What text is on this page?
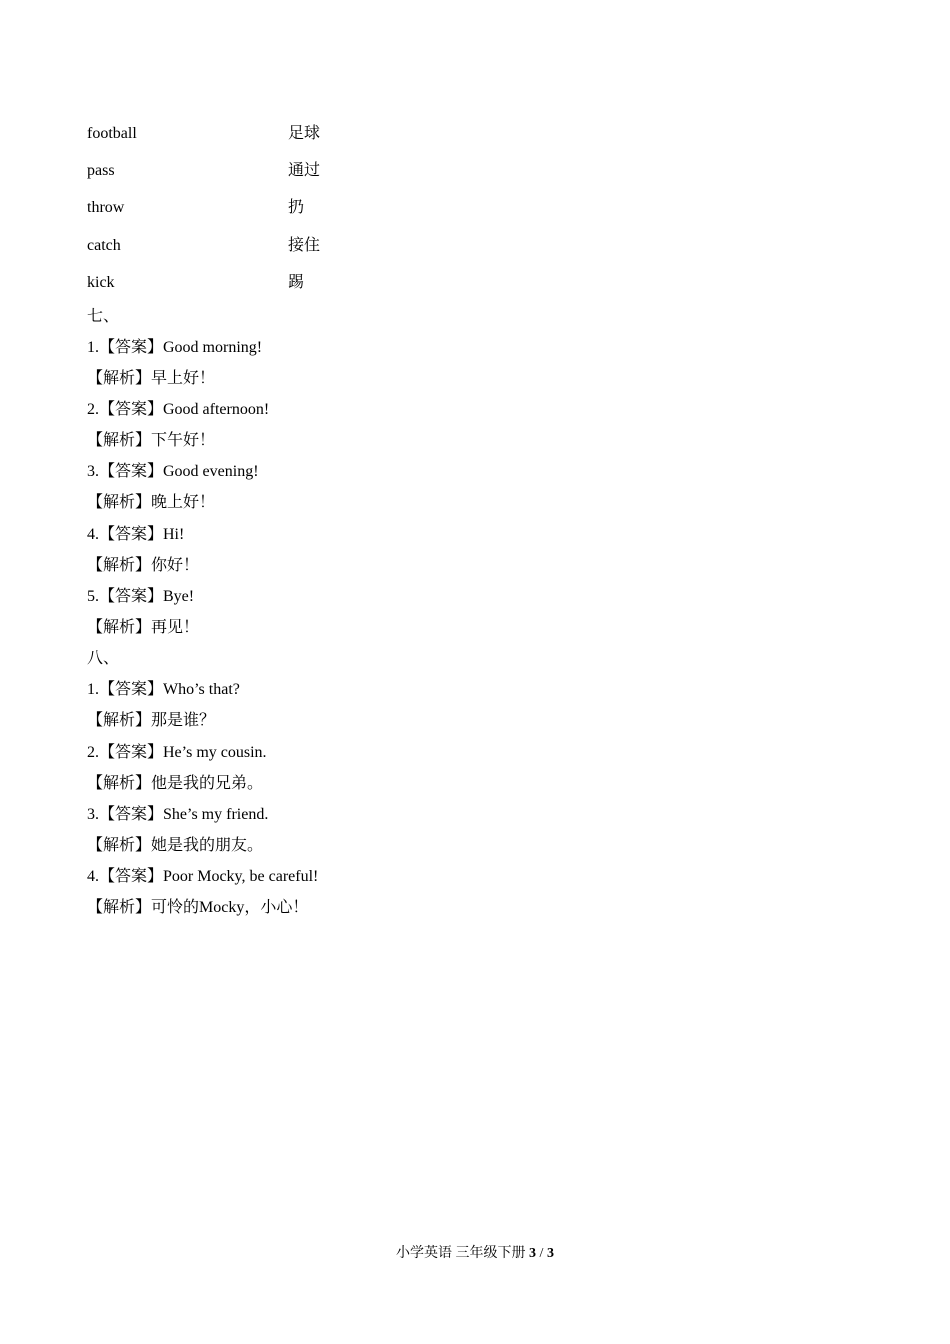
football	足球
pass	通过
throw	扔
catch	接住
kick	踢
七、
1.【答案】Good morning!
【解析】早上好！
2.【答案】Good afternoon!
【解析】下午好！
3.【答案】Good evening!
【解析】晚上好！
4.【答案】Hi!
【解析】你好！
5.【答案】Bye!
【解析】再见！
八、
1.【答案】Who’s that?
【解析】那是谁？
2.【答案】He’s my cousin.
【解析】他是我的兄弟。
3.【答案】She’s my friend.
【解析】她是我的朋友。
4.【答案】Poor Mocky, be careful!
【解析】可怜的Mocky，小心！
小学英语 三年级下册 3 / 3
